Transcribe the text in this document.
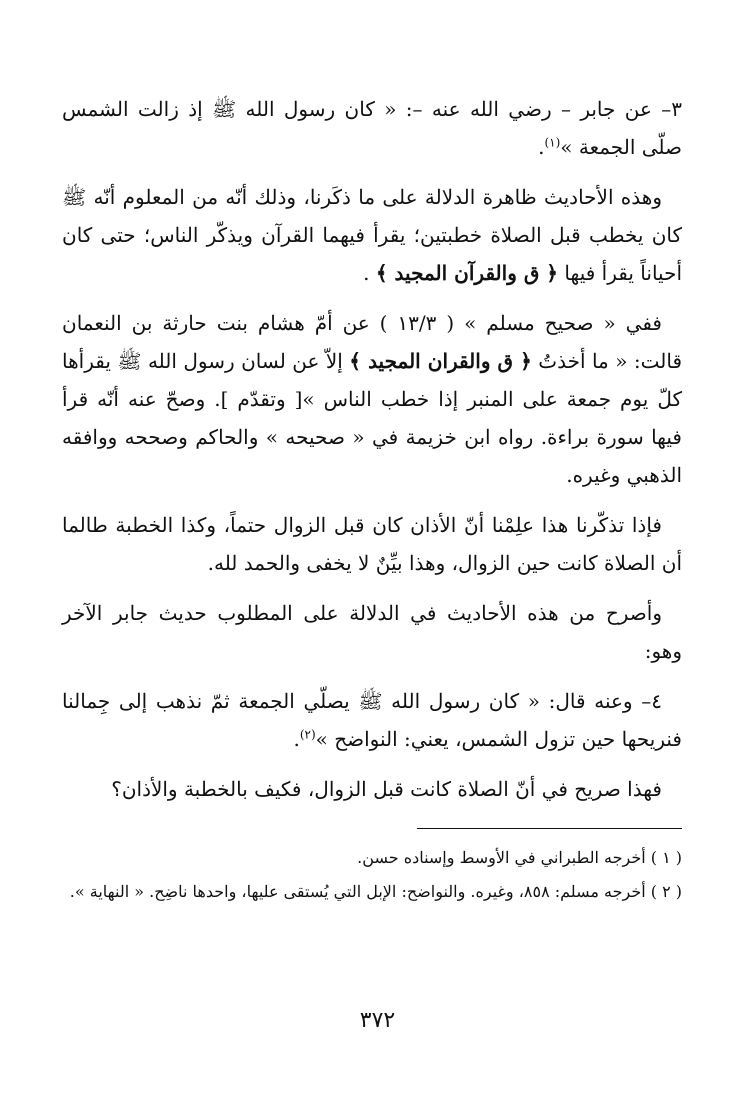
٣– عن جابر – رضي الله عنه –: « كان رسول الله ﷺ إذ زالت الشمس صلّى الجمعة »$^{(١)}$.

وهذه الأحاديث ظاهرة الدلالة على ما ذكَرنا، وذلك أنّه من المعلوم أنّه ﷺ كان يخطب قبل الصلاة خطبتين؛ يقرأ فيهما القرآن ويذكّر الناس؛ حتى كان أحياناً يقرأ فيها ﴿ ق والقرآن المجيد ﴾ .

ففي « صحيح مسلم » ( ١٣/٣ ) عن أمّ هشام بنت حارثة بن النعمان قالت: « ما أخذتُ ﴿ ق والقران المجيد ﴾ إلاّ عن لسان رسول الله ﷺ يقرأها كلّ يوم جمعة على المنبر إذا خطب الناس »[ وتقدّم ]. وصحّ عنه أنّه قرأ فيها سورة براءة. رواه ابن خزيمة في « صحيحه » والحاكم وصححه ووافقه الذهبي وغيره.

فإذا تذكّرنا هذا علِمْنا أنّ الأذان كان قبل الزوال حتماً، وكذا الخطبة طالما أن الصلاة كانت حين الزوال، وهذا بيِّنٌ لا يخفى والحمد لله.

وأصرح من هذه الأحاديث في الدلالة على المطلوب حديث جابر الآخر وهو:

٤– وعنه قال: « كان رسول الله ﷺ يصلّي الجمعة ثمّ نذهب إلى جِمالنا فنريحها حين تزول الشمس، يعني: النواضح »$^{(٢)}$.

فهذا صريح في أنّ الصلاة كانت قبل الزوال، فكيف بالخطبة والأذان؟

( ١ ) أخرجه الطبراني في الأوسط وإسناده حسن.

( ٢ ) أخرجه مسلم: ٨٥٨، وغيره. والنواضح: الإبل التي يُستقى عليها، واحدها ناضِح. « النهاية ».

٣٧٢
